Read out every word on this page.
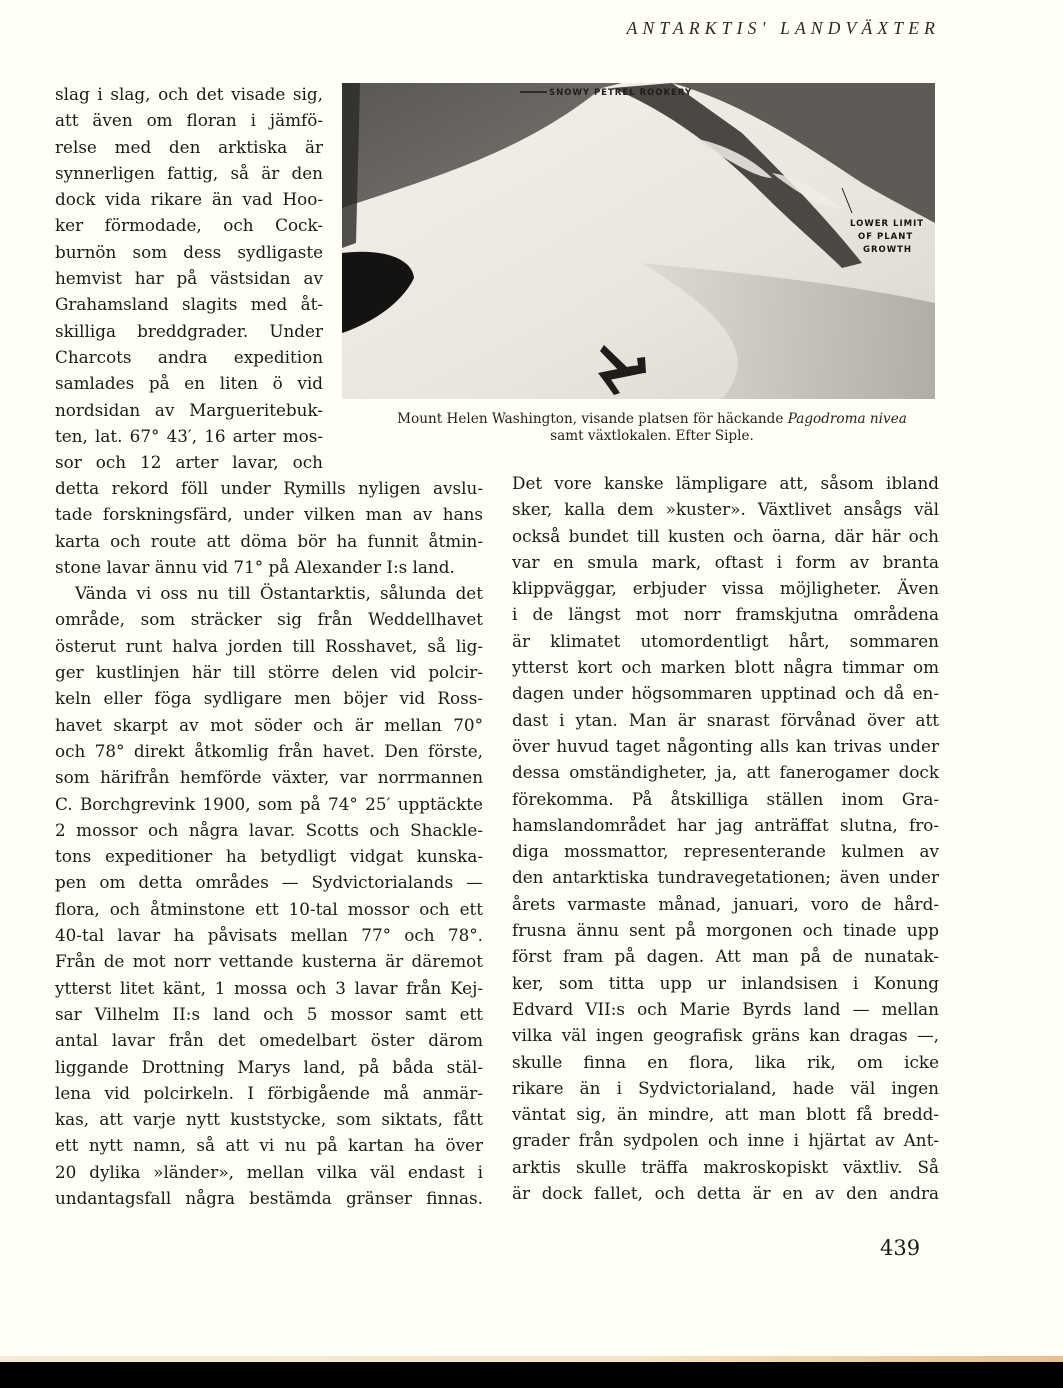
ANTARKTIS' LANDVÄXTER
slag i slag, och det visade sig,
att även om floran i jämfö-
relse med den arktiska är
synnerligen fattig, så är den
dock vida rikare än vad Hoo-
ker förmodade, och Cock-
burnön som dess sydligaste
hemvist har på västsidan av
Grahamsland slagits med åt-
skilliga breddgrader. Under
Charcots andra expedition
samlades på en liten ö vid
nordsidan av Margueritebuk-
ten, lat. 67° 43′, 16 arter mos-
sor och 12 arter lavar, och
SNOWY PETREL ROOKERY
LOWER LIMIT
OF PLANT
GROWTH
Mount Helen Washington, visande platsen för häckande Pagodroma nivea
samt växtlokalen. Efter Siple.
detta rekord föll under Rymills nyligen avslu-
tade forskningsfärd, under vilken man av hans
karta och route att döma bör ha funnit åtmin-
stone lavar ännu vid 71° på Alexander I:s land.
Vända vi oss nu till Östantarktis, sålunda det
område, som sträcker sig från Weddellhavet
österut runt halva jorden till Rosshavet, så lig-
ger kustlinjen här till större delen vid polcir-
keln eller föga sydligare men böjer vid Ross-
havet skarpt av mot söder och är mellan 70°
och 78° direkt åtkomlig från havet. Den förste,
som härifrån hemförde växter, var norrmannen
C. Borchgrevink 1900, som på 74° 25′ upptäckte
2 mossor och några lavar. Scotts och Shackle-
tons expeditioner ha betydligt vidgat kunska-
pen om detta områdes — Sydvictorialands —
flora, och åtminstone ett 10-tal mossor och ett
40-tal lavar ha påvisats mellan 77° och 78°.
Från de mot norr vettande kusterna är däremot
ytterst litet känt, 1 mossa och 3 lavar från Kej-
sar Vilhelm II:s land och 5 mossor samt ett
antal lavar från det omedelbart öster därom
liggande Drottning Marys land, på båda stäl-
lena vid polcirkeln. I förbigående må anmär-
kas, att varje nytt kuststycke, som siktats, fått
ett nytt namn, så att vi nu på kartan ha över
20 dylika »länder», mellan vilka väl endast i
undantagsfall några bestämda gränser finnas.
Det vore kanske lämpligare att, såsom ibland
sker, kalla dem »kuster». Växtlivet ansågs väl
också bundet till kusten och öarna, där här och
var en smula mark, oftast i form av branta
klippväggar, erbjuder vissa möjligheter. Även
i de längst mot norr framskjutna områdena
är klimatet utomordentligt hårt, sommaren
ytterst kort och marken blott några timmar om
dagen under högsommaren upptinad och då en-
dast i ytan. Man är snarast förvånad över att
över huvud taget någonting alls kan trivas under
dessa omständigheter, ja, att fanerogamer dock
förekomma. På åtskilliga ställen inom Gra-
hamslandområdet har jag anträffat slutna, fro-
diga mossmattor, representerande kulmen av
den antarktiska tundravegetationen; även under
årets varmaste månad, januari, voro de hård-
frusna ännu sent på morgonen och tinade upp
först fram på dagen. Att man på de nunatak-
ker, som titta upp ur inlandsisen i Konung
Edvard VII:s och Marie Byrds land — mellan
vilka väl ingen geografisk gräns kan dragas —,
skulle finna en flora, lika rik, om icke
rikare än i Sydvictorialand, hade väl ingen
väntat sig, än mindre, att man blott få bredd-
grader från sydpolen och inne i hjärtat av Ant-
arktis skulle träffa makroskopiskt växtliv. Så
är dock fallet, och detta är en av den andra
439
